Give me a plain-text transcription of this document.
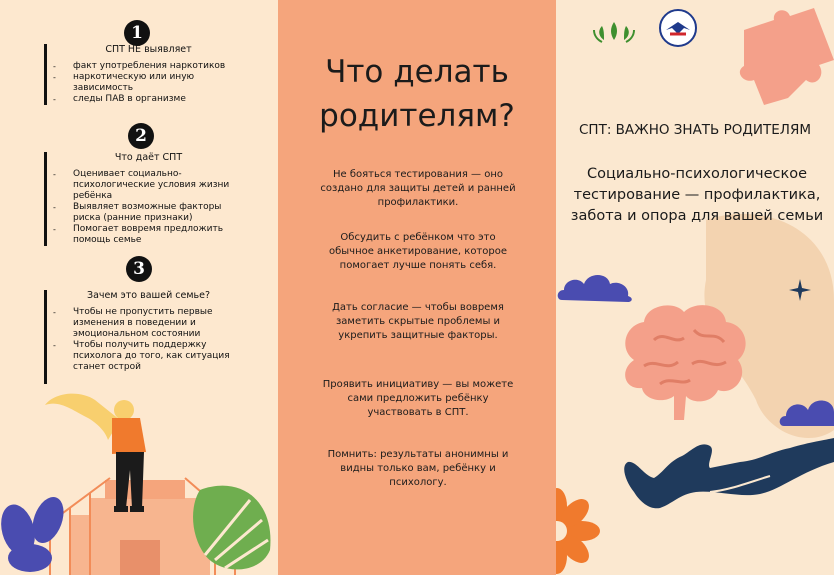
1
СПТ НЕ выявляет
- факт употребления наркотиков
- наркотическую или иную зависимость
- следы ПАВ в организме
2
Что даёт СПТ
- Оценивает социально-психологические условия жизни ребёнка
- Выявляет возможные факторы риска (ранние признаки)
- Помогает вовремя предложить помощь семье
3
Зачем это вашей семье?
- Чтобы не пропустить первые изменения в поведении и эмоциональном состоянии
- Чтобы получить поддержку психолога до того, как ситуация станет острой
Что делать
родителям?
Не бояться тестирования — оно создано для защиты детей и ранней профилактики.
Обсудить с ребёнком что это обычное анкетирование, которое помогает лучше понять себя.
Дать согласие — чтобы вовремя заметить скрытые проблемы и укрепить защитные факторы.
Проявить инициативу — вы можете сами предложить ребёнку участвовать в СПТ.
Помнить: результаты анонимны и видны только вам, ребёнку и психологу.
СПТ: ВАЖНО ЗНАТЬ РОДИТЕЛЯМ
Социально-психологическое тестирование — профилактика, забота и опора для вашей семьи
